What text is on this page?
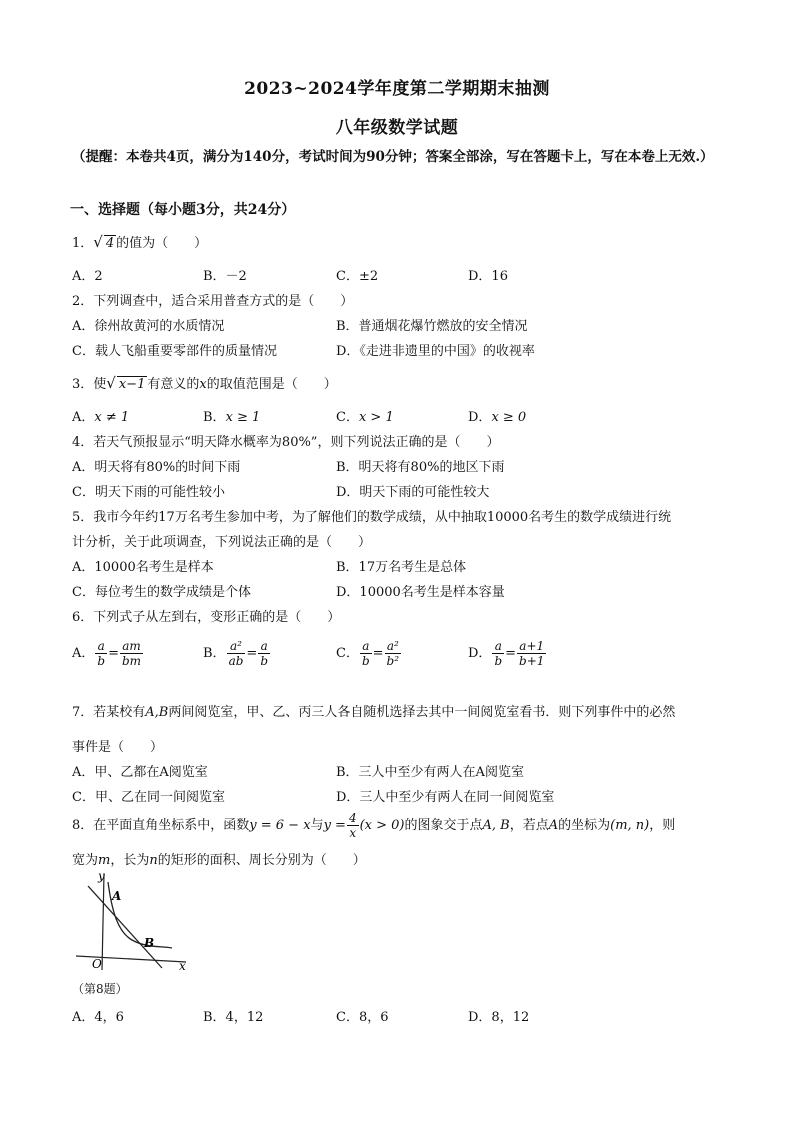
2023~2024学年度第二学期期末抽测
八年级数学试题
（提醒：本卷共4页，满分为140分，考试时间为90分钟；答案全部涂，写在答题卡上，写在本卷上无效.）
一、选择题（每小题3分，共24分）
1．√ 4 的值为（　　）
A．2	B．－2	C．±2	D．16
2．下列调查中，适合采用普查方式的是（　　）
A．徐州故黄河的水质情况	B．普通烟花爆竹燃放的安全情况
C．载人飞船重要零部件的质量情况	D．《走进非遗里的中国》的收视率
3．使√ x−1 有意义的x的取值范围是（　　）
A．x ≠ 1	B．x ≥ 1	C．x > 1	D．x ≥ 0
4．若天气预报显示“明天降水概率为80%”，则下列说法正确的是（　　）
A．明天将有80%的时间下雨	B．明天将有80%的地区下雨
C．明天下雨的可能性较小	D．明天下雨的可能性较大
5．我市今年约17万名考生参加中考，为了解他们的数学成绩，从中抽取10000名考生的数学成绩进行统
计分析，关于此项调查，下列说法正确的是（　　）
A．10000名考生是样本	B．17万名考生是总体
C．每位考生的数学成绩是个体	D．10000名考生是样本容量
6．下列式子从左到右，变形正确的是（　　）
A． $\frac{a}{b} = \frac{am}{bm}$	B． $\frac{\text{a²}}{ab} = \frac{a}{b}$	C． $\frac{a}{b} = \frac{\text{a²}}{\text{b²}}$	D． $\frac{a}{b} = \frac{a+1}{b+1}$
7．若某校有A,B两间阅览室，甲、乙、丙三人各自随机选择去其中一间阅览室看书．则下列事件中的必然
事件是（　　）
A．甲、乙都在A阅览室	B．三人中至少有两人在A阅览室
C．甲、乙在同一间阅览室	D．三人中至少有两人在同一间阅览室
8．在平面直角坐标系中，函数y = 6 − x与$y = \frac{4}{x} (x > 0)$的图象交于点A, B，若点A的坐标为(m, n)，则
宽为m，长为n的矩形的面积、周长分别为（　　）
y
x
O
A
B
（第8题）
A．4，6	B．4，12	C．8，6	D．8，12
